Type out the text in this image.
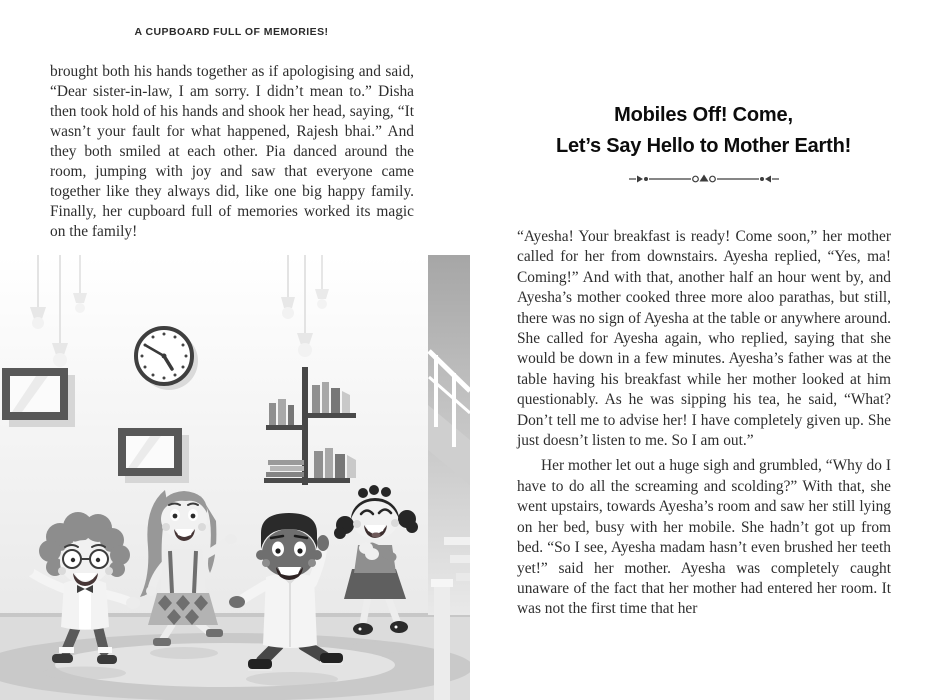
A CUPBOARD FULL OF MEMORIES!

brought both his hands together as if apologising and said, “Dear sister-in-law, I am sorry. I didn’t mean to.” Disha then took hold of his hands and shook her head, saying, “It wasn’t your fault for what happened, Rajesh bhai.” And they both smiled at each other. Pia danced around the room, jumping with joy and saw that everyone came together like they always did, like one big happy family. Finally, her cupboard full of memories worked its magic on the family!

Mobiles Off! Come,
Let’s Say Hello to Mother Earth!

“Ayesha! Your breakfast is ready! Come soon,” her mother called for her from downstairs. Ayesha replied, “Yes, ma! Coming!” And with that, another half an hour went by, and Ayesha’s mother cooked three more aloo parathas, but still, there was no sign of Ayesha at the table or anywhere around. She called for Ayesha again, who replied, saying that she would be down in a few minutes. Ayesha’s father was at the table having his breakfast while her mother looked at him questionably. As he was sipping his tea, he said, “What? Don’t tell me to advise her! I have completely given up. She just doesn’t listen to me. So I am out.”

Her mother let out a huge sigh and grumbled, “Why do I have to do all the screaming and scolding?” With that, she went upstairs, towards Ayesha’s room and saw her still lying on her bed, busy with her mobile. She hadn’t got up from bed. “So I see, Ayesha madam hasn’t even brushed her teeth yet!” said her mother. Ayesha was completely caught unaware of the fact that her mother had entered her room. It was not the first time that her
